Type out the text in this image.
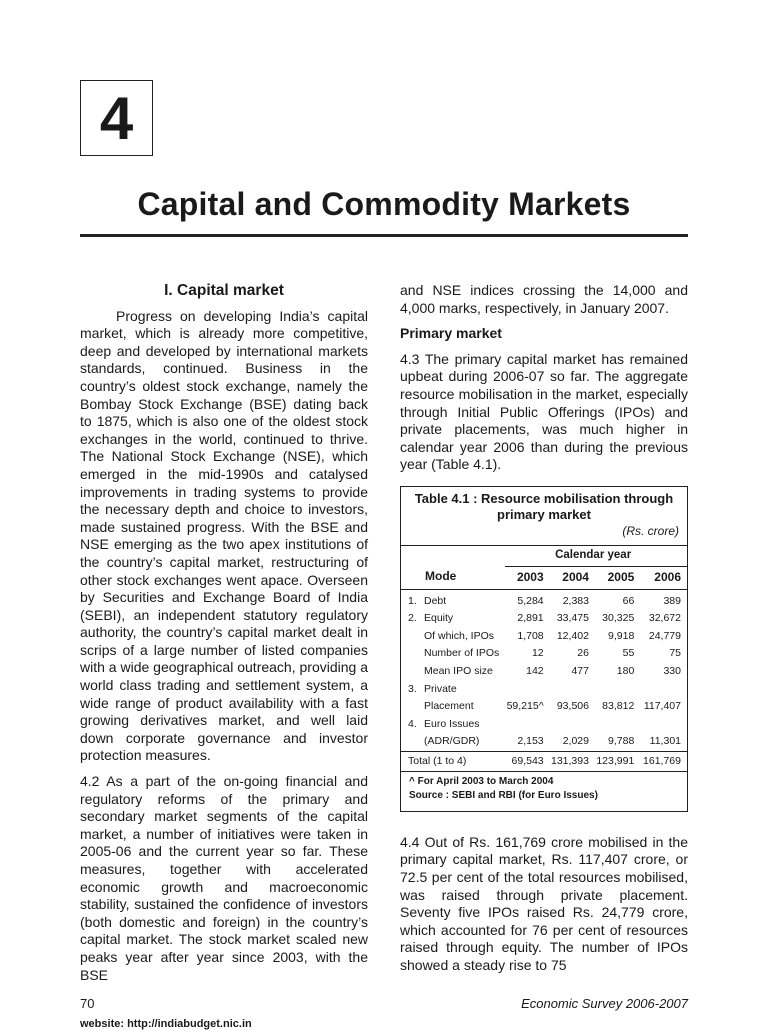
4
Capital and Commodity Markets
I. Capital market

Progress on developing India’s capital market, which is already more competitive, deep and developed by international markets standards, continued. Business in the country’s oldest stock exchange, namely the Bombay Stock Exchange (BSE) dating back to 1875, which is also one of the oldest stock exchanges in the world, continued to thrive. The National Stock Exchange (NSE), which emerged in the mid-1990s and catalysed improvements in trading systems to provide the necessary depth and choice to investors, made sustained progress. With the BSE and NSE emerging as the two apex institutions of the country’s capital market, restructuring of other stock exchanges went apace. Overseen by Securities and Exchange Board of India (SEBI), an independent statutory regulatory authority, the country’s capital market dealt in scrips of a large number of listed companies with a wide geographical outreach, providing a world class trading and settlement system, a wide range of product availability with a fast growing derivatives market, and well laid down corporate governance and investor protection measures.

4.2 As a part of the on-going financial and regulatory reforms of the primary and secondary market segments of the capital market, a number of initiatives were taken in 2005-06 and the current year so far. These measures, together with accelerated economic growth and macroeconomic stability, sustained the confidence of investors (both domestic and foreign) in the country’s capital market. The stock market scaled new peaks year after year since 2003, with the BSE

and NSE indices crossing the 14,000 and 4,000 marks, respectively, in January 2007.

Primary market

4.3 The primary capital market has remained upbeat during 2006-07 so far. The aggregate resource mobilisation in the market, especially through Initial Public Offerings (IPOs) and private placements, was much higher in calendar year 2006 than during the previous year (Table 4.1).

Table 4.1 : Resource mobilisation through
primary market
(Rs. crore)
	Calendar year			
Mode	2003	2004	2005	2006
1. Debt	5,284	2,383	66	389
2. Equity	2,891	33,475	30,325	32,672
Of which, IPOs	1,708	12,402	9,918	24,779
Number of IPOs	12	26	55	75
Mean IPO size	142	477	180	330
3. Private				
Placement	59,215^	93,506	83,812	117,407
4. Euro Issues				
(ADR/GDR)	2,153	2,029	9,788	11,301
Total (1 to 4)	69,543	131,393	123,991	161,769
^ For April 2003 to March 2004
Source : SEBI and RBI (for Euro Issues)

4.4 Out of Rs. 161,769 crore mobilised in the primary capital market, Rs. 117,407 crore, or 72.5 per cent of the total resources mobilised, was raised through private placement. Seventy five IPOs raised Rs. 24,779 crore, which accounted for 76 per cent of resources raised through equity. The number of IPOs showed a steady rise to 75

70	Economic Survey 2006-2007
website: http://indiabudget.nic.in
